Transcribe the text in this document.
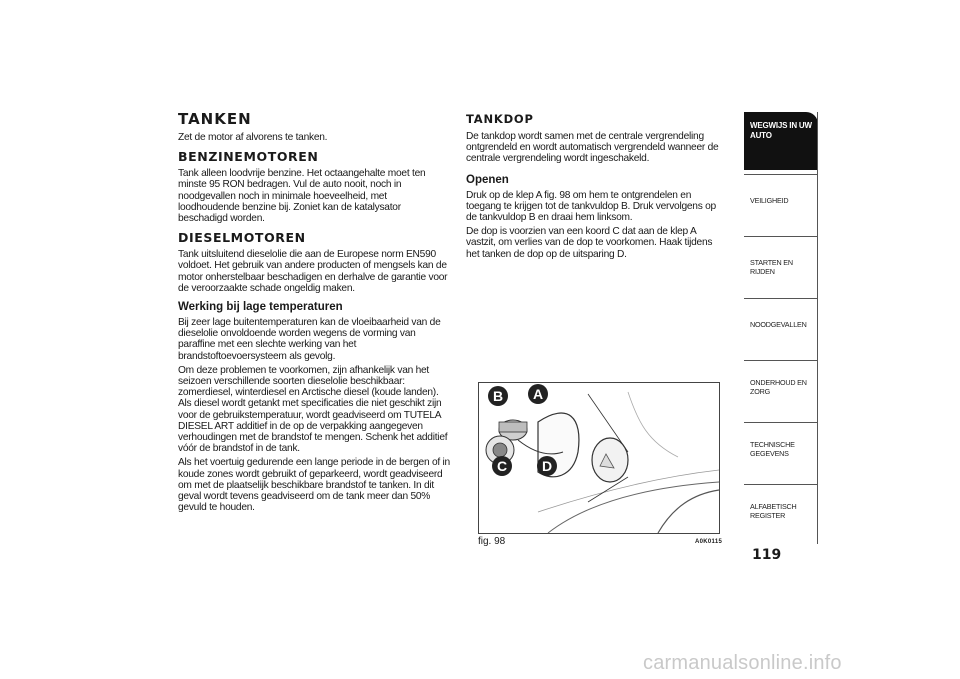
TANKEN

Zet de motor af alvorens te tanken.

BENZINEMOTOREN

Tank alleen loodvrije benzine. Het octaangehalte moet ten minste 95 RON bedragen. Vul de auto nooit, noch in noodgevallen noch in minimale hoeveelheid, met loodhoudende benzine bij. Zoniet kan de katalysator beschadigd worden.

DIESELMOTOREN

Tank uitsluitend dieselolie die aan de Europese norm EN590 voldoet. Het gebruik van andere producten of mengsels kan de motor onherstelbaar beschadigen en derhalve de garantie voor de veroorzaakte schade ongeldig maken.

Werking bij lage temperaturen

Bij zeer lage buitentemperaturen kan de vloeibaarheid van de dieselolie onvoldoende worden wegens de vorming van paraffine met een slechte werking van het brandstoftoevoersysteem als gevolg.

Om deze problemen te voorkomen, zijn afhankelijk van het seizoen verschillende soorten dieselolie beschikbaar: zomerdiesel, winterdiesel en Arctische diesel (koude landen). Als diesel wordt getankt met specificaties die niet geschikt zijn voor de gebruikstemperatuur, wordt geadviseerd om TUTELA DIESEL ART additief in de op de verpakking aangegeven verhoudingen met de brandstof te mengen. Schenk het additief vóór de brandstof in de tank.

Als het voertuig gedurende een lange periode in de bergen of in koude zones wordt gebruikt of geparkeerd, wordt geadviseerd om met de plaatselijk beschikbare brandstof te tanken. In dit geval wordt tevens geadviseerd om de tank meer dan 50% gevuld te houden.

TANKDOP

De tankdop wordt samen met de centrale vergrendeling ontgrendeld en wordt automatisch vergrendeld wanneer de centrale vergrendeling wordt ingeschakeld.

Openen

Druk op de klep A fig. 98 om hem te ontgrendelen en toegang te krijgen tot de tankvuldop B. Druk vervolgens op de tankvuldop B en draai hem linksom.

De dop is voorzien van een koord C dat aan de klep A vastzit, om verlies van de dop te voorkomen. Haak tijdens het tanken de dop op de uitsparing D.

B A
C D
fig. 98	A0K0115
WEGWIJS IN UW AUTO
VEILIGHEID
STARTEN EN RIJDEN
NOODGEVALLEN
ONDERHOUD EN ZORG
TECHNISCHE GEGEVENS
ALFABETISCH REGISTER
119
carmanualsonline.info
